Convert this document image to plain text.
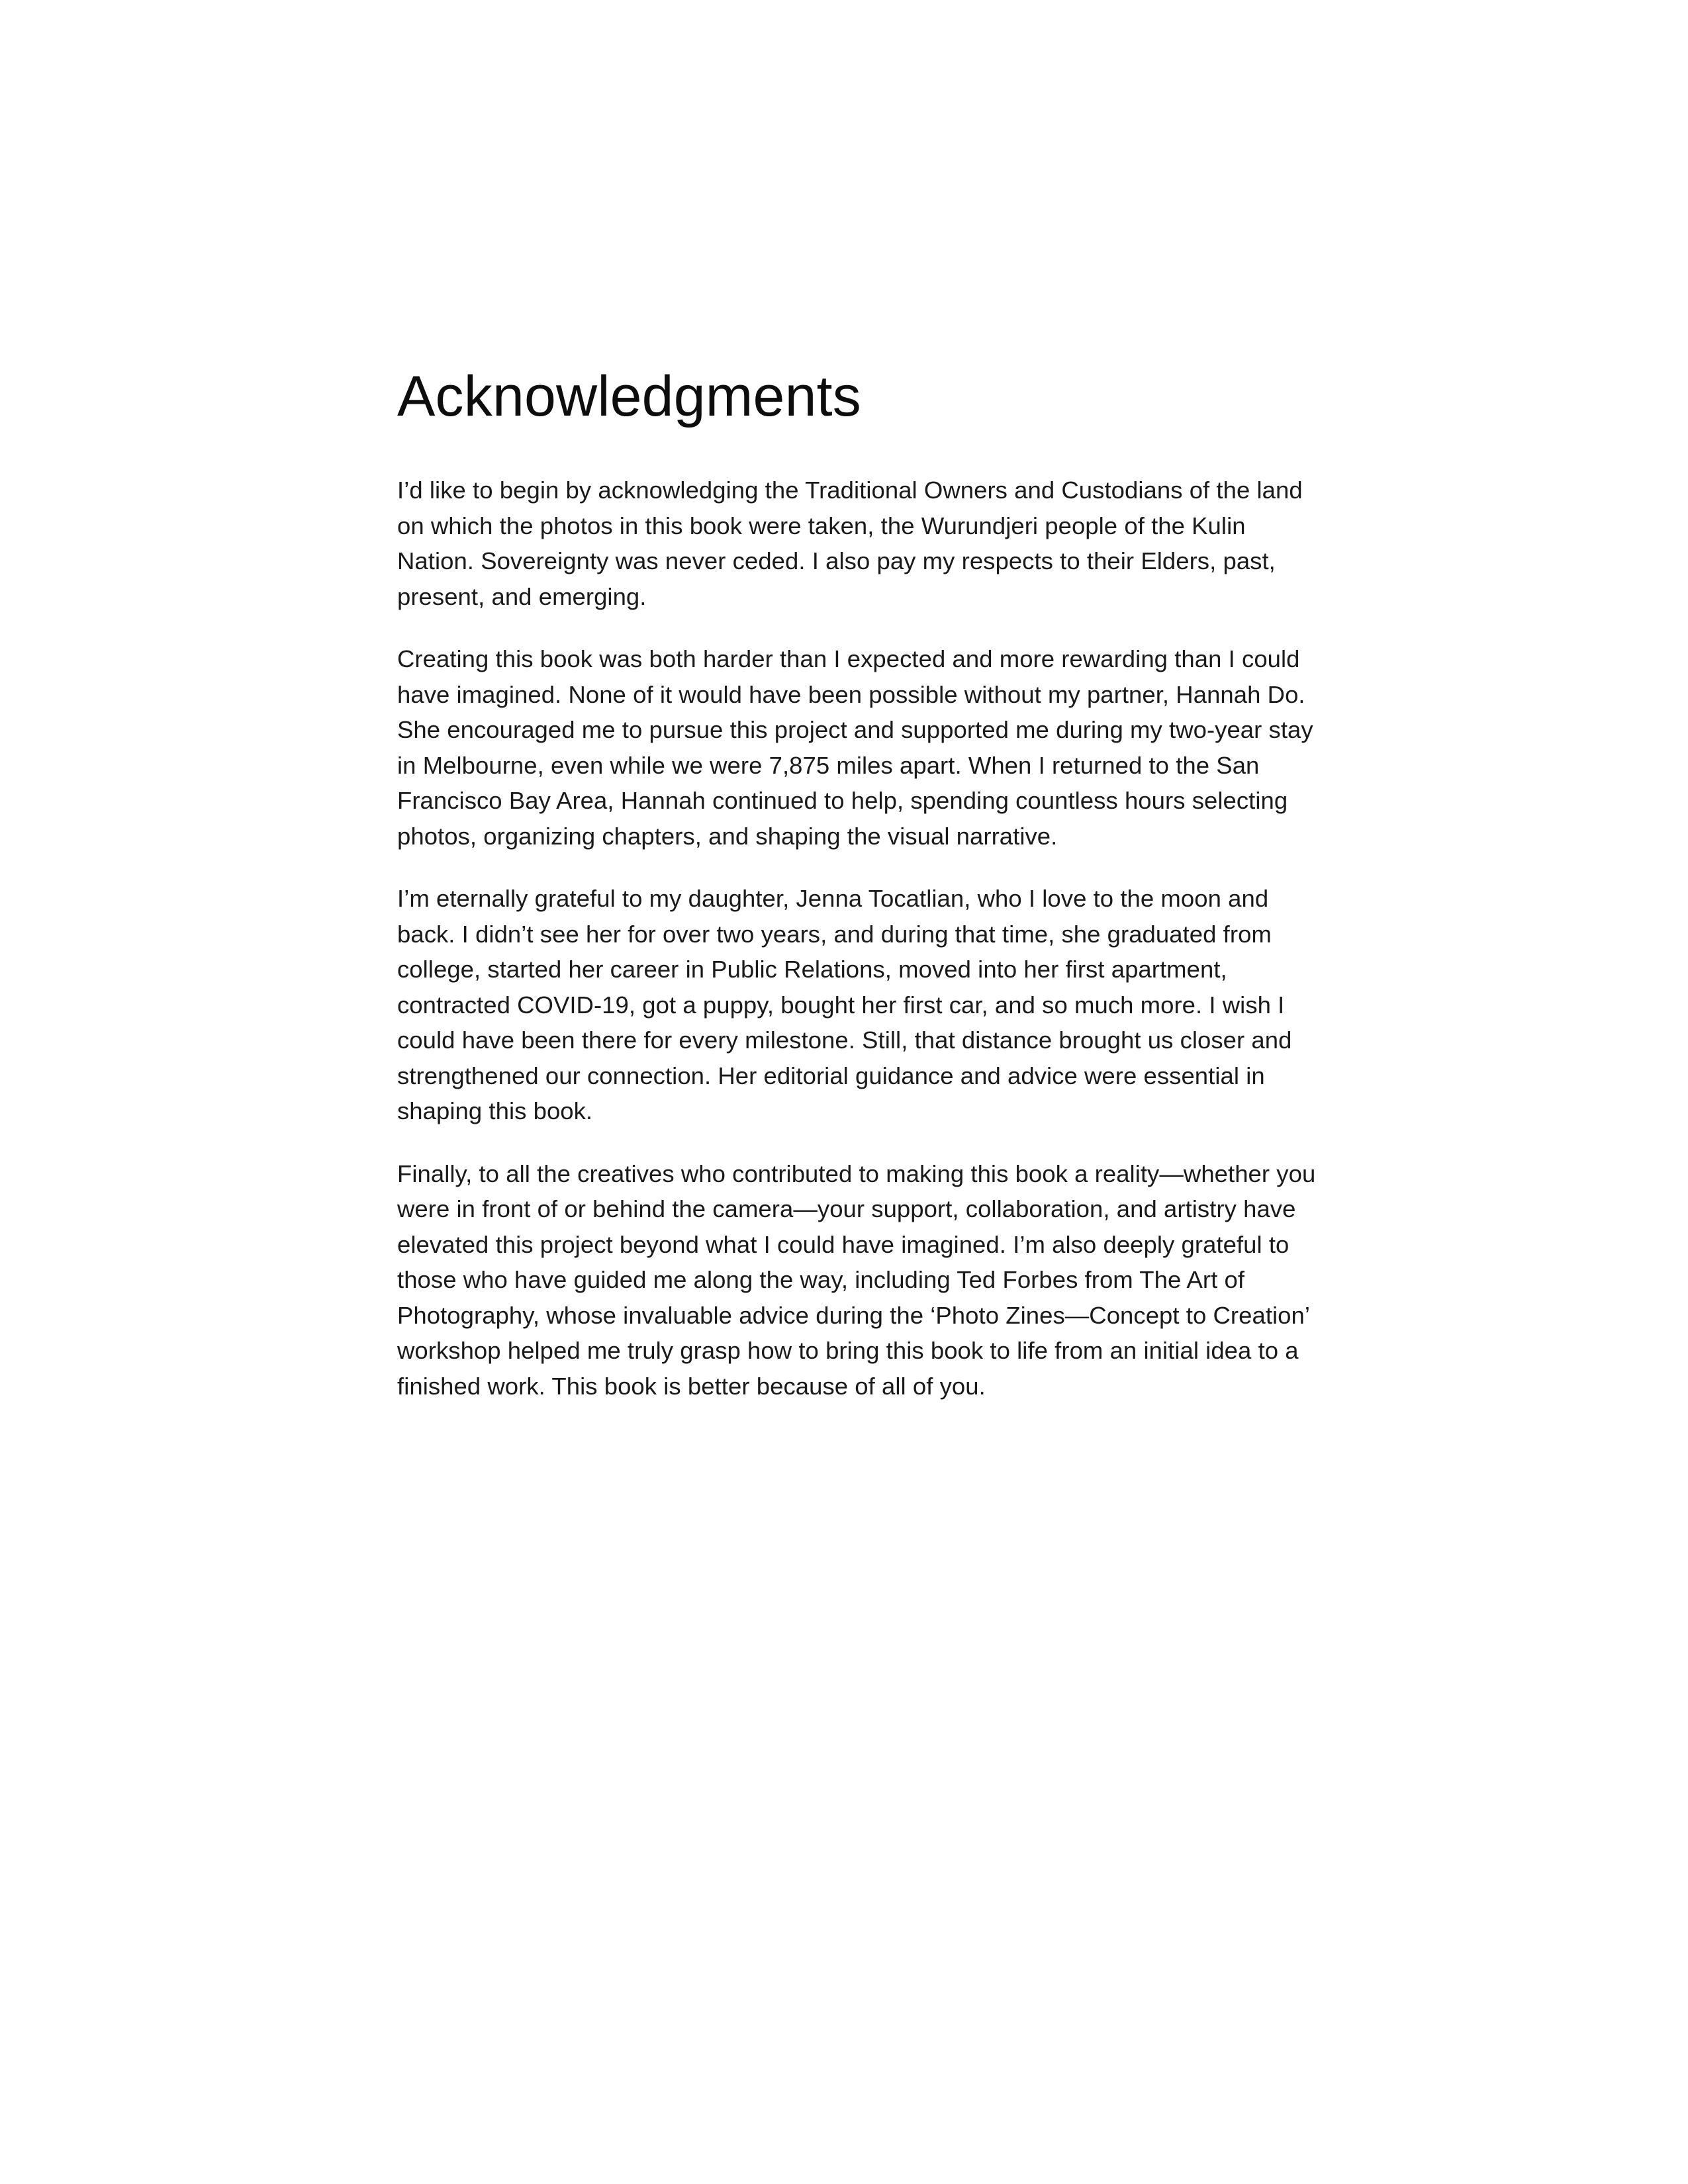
Acknowledgments

I’d like to begin by acknowledging the Traditional Owners and Custodians of the land on which the photos in this book were taken, the Wurundjeri people of the Kulin Nation. Sovereignty was never ceded. I also pay my respects to their Elders, past, present, and emerging.

Creating this book was both harder than I expected and more rewarding than I could have imagined. None of it would have been possible without my partner, Hannah Do. She encouraged me to pursue this project and supported me during my two-year stay in Melbourne, even while we were 7,875 miles apart. When I returned to the San Francisco Bay Area, Hannah continued to help, spending countless hours selecting photos, organizing chapters, and shaping the visual narrative.

I’m eternally grateful to my daughter, Jenna Tocatlian, who I love to the moon and back. I didn’t see her for over two years, and during that time, she graduated from college, started her career in Public Relations, moved into her first apartment, contracted COVID-19, got a puppy, bought her first car, and so much more. I wish I could have been there for every milestone. Still, that distance brought us closer and strengthened our connection. Her editorial guidance and advice were essential in shaping this book.

Finally, to all the creatives who contributed to making this book a reality—whether you were in front of or behind the camera—your support, collaboration, and artistry have elevated this project beyond what I could have imagined. I’m also deeply grateful to those who have guided me along the way, including Ted Forbes from The Art of Photography, whose invaluable advice during the ‘Photo Zines—Concept to Creation’ workshop helped me truly grasp how to bring this book to life from an initial idea to a finished work. This book is better because of all of you.
